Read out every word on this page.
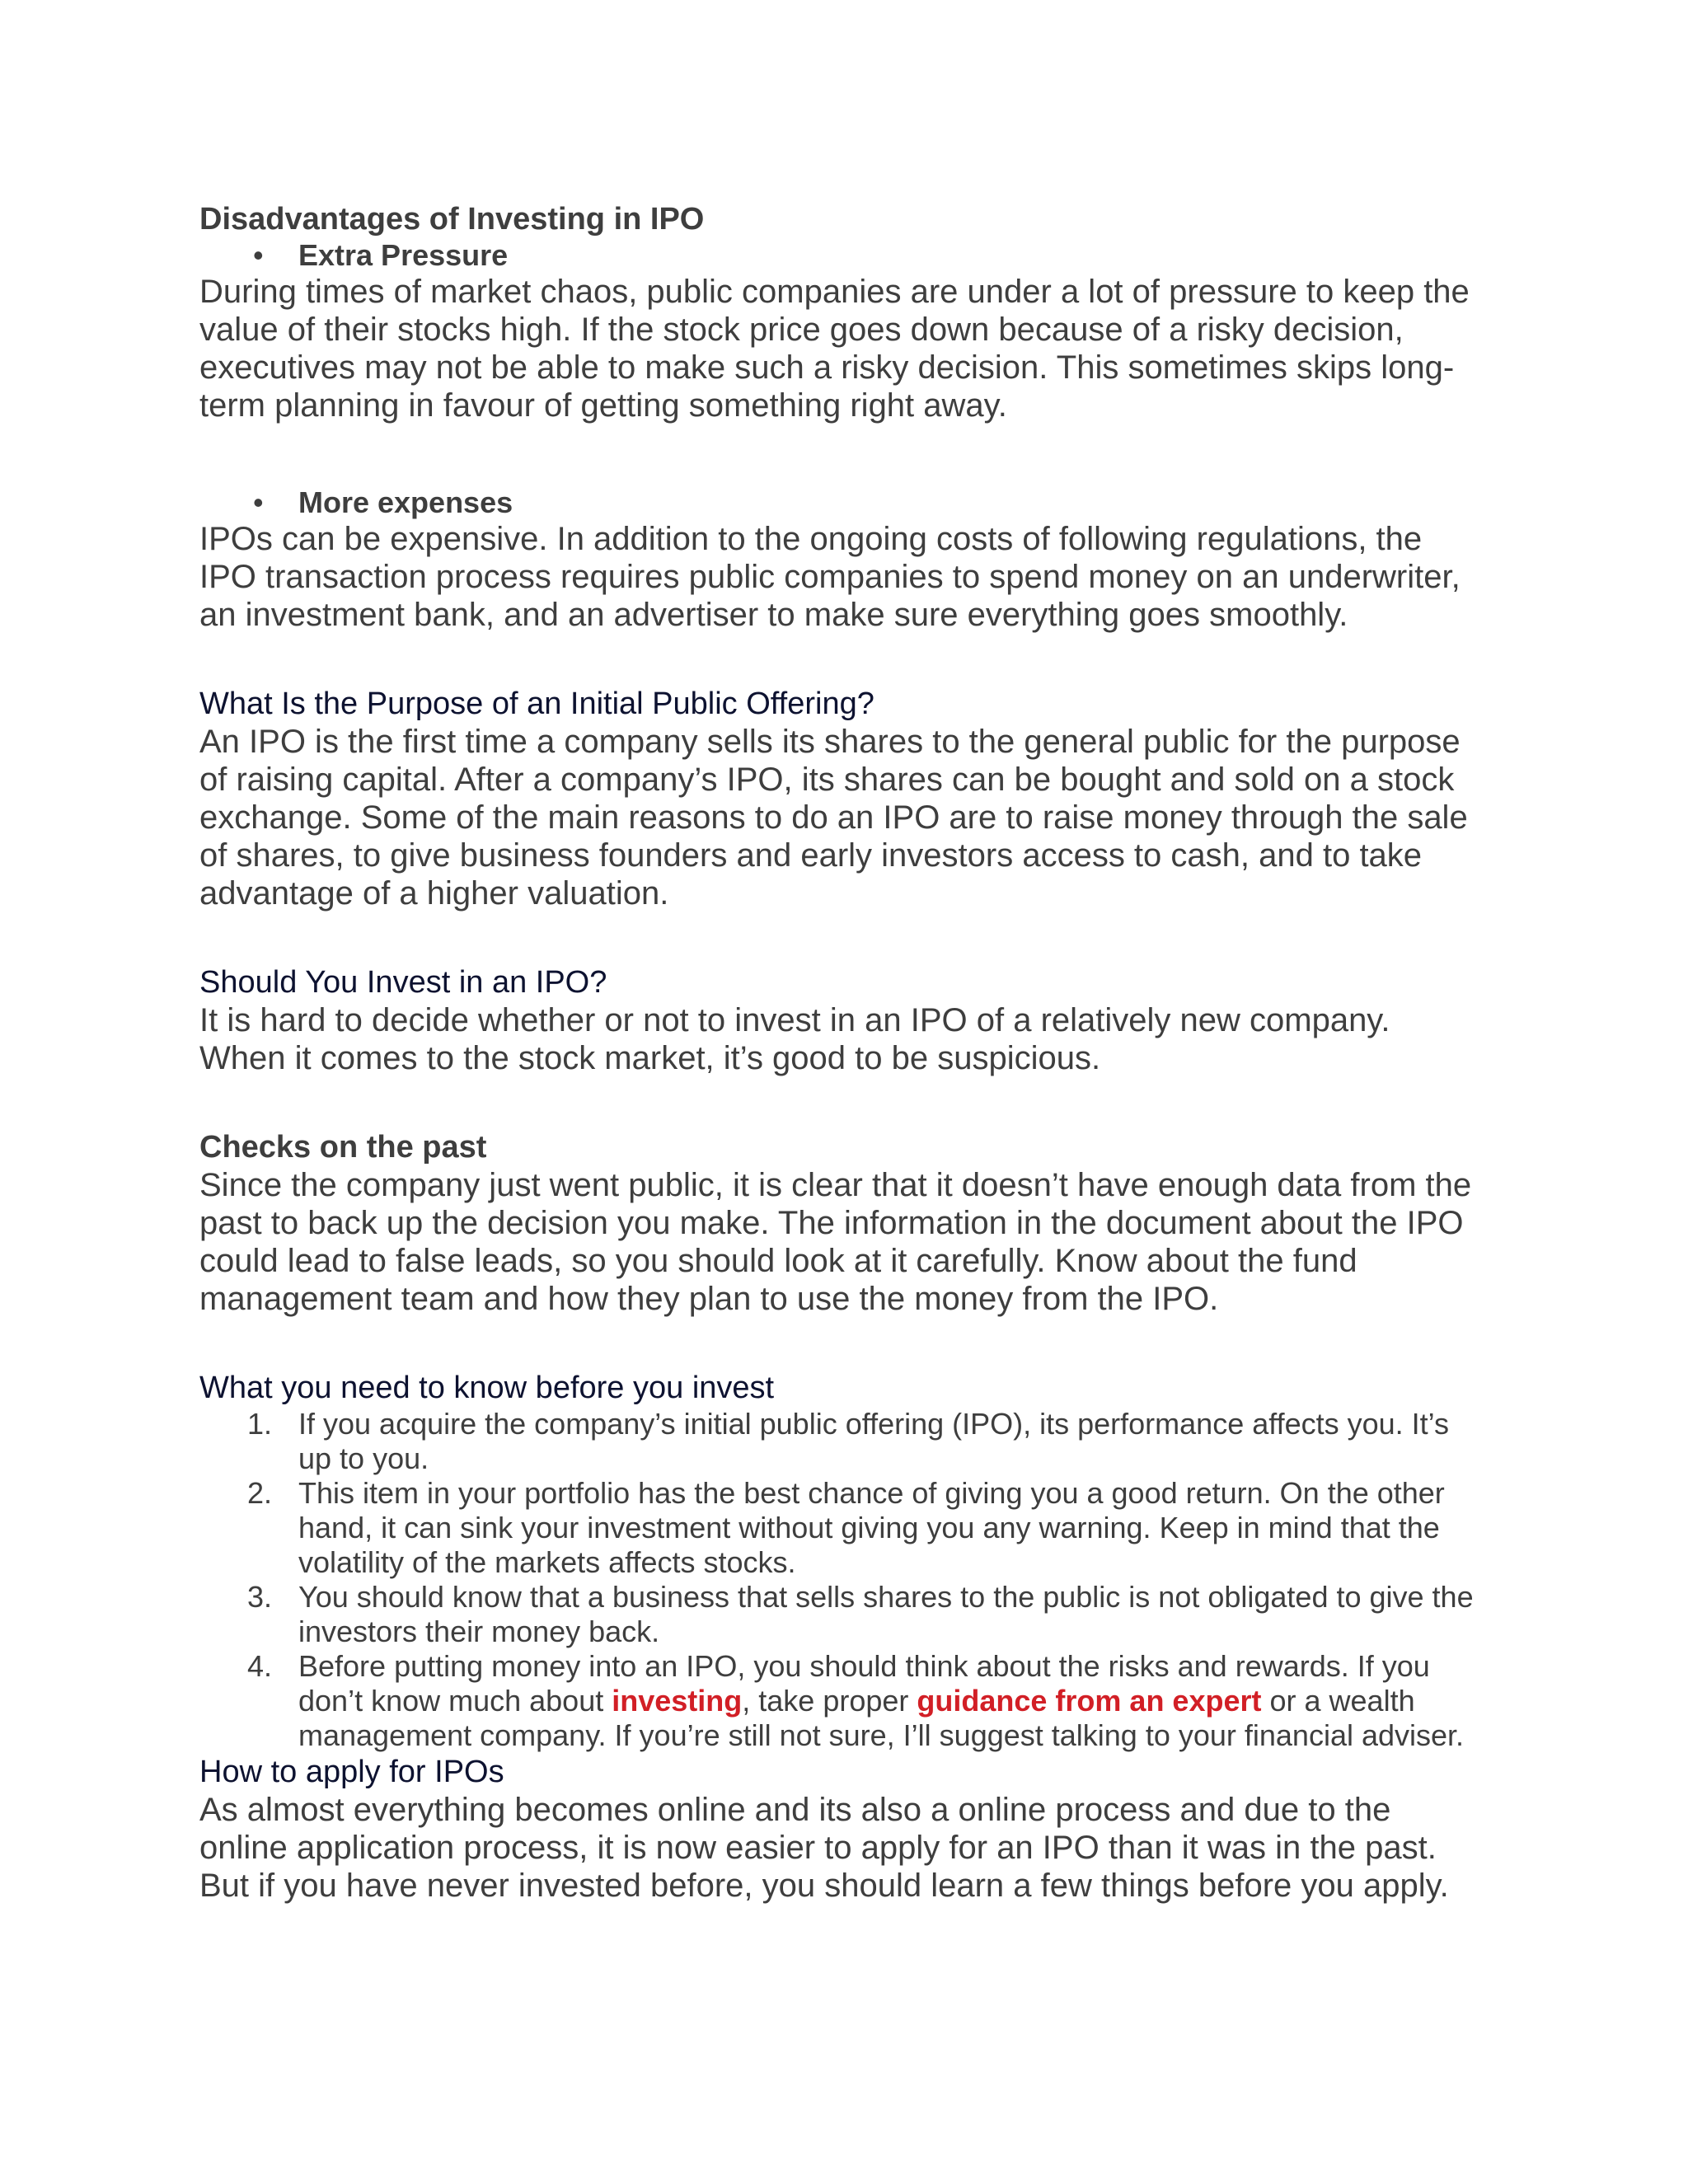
Disadvantages of Investing in IPO

• Extra Pressure

During times of market chaos, public companies are under a lot of pressure to keep the value of their stocks high. If the stock price goes down because of a risky decision, executives may not be able to make such a risky decision. This sometimes skips long-term planning in favour of getting something right away.

• More expenses

IPOs can be expensive. In addition to the ongoing costs of following regulations, the IPO transaction process requires public companies to spend money on an underwriter, an investment bank, and an advertiser to make sure everything goes smoothly.

What Is the Purpose of an Initial Public Offering?

An IPO is the first time a company sells its shares to the general public for the purpose of raising capital. After a company’s IPO, its shares can be bought and sold on a stock exchange. Some of the main reasons to do an IPO are to raise money through the sale of shares, to give business founders and early investors access to cash, and to take advantage of a higher valuation.

Should You Invest in an IPO?

It is hard to decide whether or not to invest in an IPO of a relatively new company. When it comes to the stock market, it’s good to be suspicious.

Checks on the past

Since the company just went public, it is clear that it doesn’t have enough data from the past to back up the decision you make. The information in the document about the IPO could lead to false leads, so you should look at it carefully. Know about the fund management team and how they plan to use the money from the IPO.

What you need to know before you invest
1. If you acquire the company’s initial public offering (IPO), its performance affects you. It’s up to you.
2. This item in your portfolio has the best chance of giving you a good return. On the other hand, it can sink your investment without giving you any warning. Keep in mind that the volatility of the markets affects stocks.
3. You should know that a business that sells shares to the public is not obligated to give the investors their money back.
4. Before putting money into an IPO, you should think about the risks and rewards. If you don’t know much about investing, take proper guidance from an expert or a wealth management company. If you’re still not sure, I’ll suggest talking to your financial adviser.
How to apply for IPOs

As almost everything becomes online and its also a online process and due to the online application process, it is now easier to apply for an IPO than it was in the past. But if you have never invested before, you should learn a few things before you apply.
